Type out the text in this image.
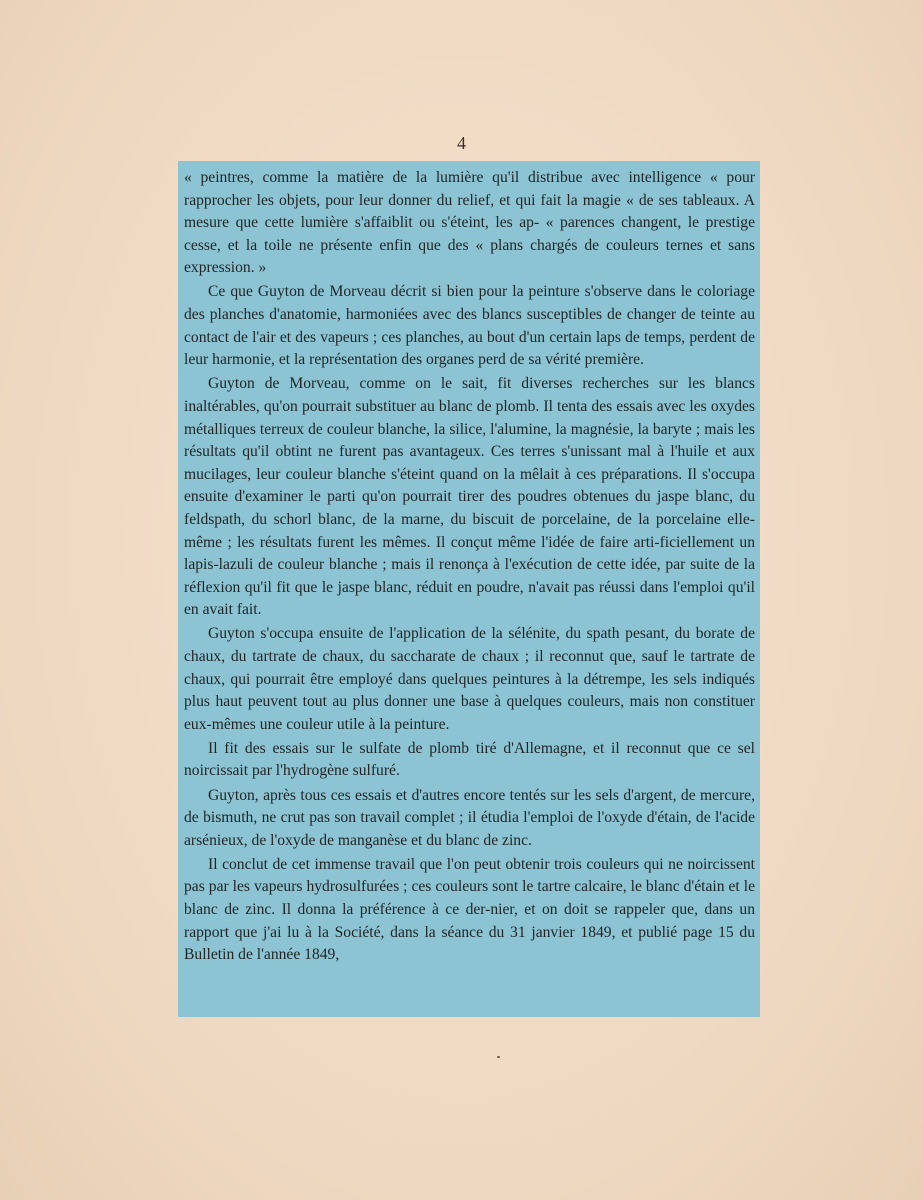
4

« peintres, comme la matière de la lumière qu'il distribue avec intelligence « pour rapprocher les objets, pour leur donner du relief, et qui fait la magie « de ses tableaux. A mesure que cette lumière s'affaiblit ou s'éteint, les ap- « parences changent, le prestige cesse, et la toile ne présente enfin que des « plans chargés de couleurs ternes et sans expression. »

Ce que Guyton de Morveau décrit si bien pour la peinture s'observe dans le coloriage des planches d'anatomie, harmoniées avec des blancs susceptibles de changer de teinte au contact de l'air et des vapeurs ; ces planches, au bout d'un certain laps de temps, perdent de leur harmonie, et la représentation des organes perd de sa vérité première.

Guyton de Morveau, comme on le sait, fit diverses recherches sur les blancs inaltérables, qu'on pourrait substituer au blanc de plomb. Il tenta des essais avec les oxydes métalliques terreux de couleur blanche, la silice, l'alumine, la magnésie, la baryte ; mais les résultats qu'il obtint ne furent pas avantageux. Ces terres s'unissant mal à l'huile et aux mucilages, leur couleur blanche s'éteint quand on la mêlait à ces préparations. Il s'occupa ensuite d'examiner le parti qu'on pourrait tirer des poudres obtenues du jaspe blanc, du feldspath, du schorl blanc, de la marne, du biscuit de porcelaine, de la porcelaine elle-même ; les résultats furent les mêmes. Il conçut même l'idée de faire arti-ficiellement un lapis-lazuli de couleur blanche ; mais il renonça à l'exécution de cette idée, par suite de la réflexion qu'il fit que le jaspe blanc, réduit en poudre, n'avait pas réussi dans l'emploi qu'il en avait fait.

Guyton s'occupa ensuite de l'application de la sélénite, du spath pesant, du borate de chaux, du tartrate de chaux, du saccharate de chaux ; il reconnut que, sauf le tartrate de chaux, qui pourrait être employé dans quelques peintures à la détrempe, les sels indiqués plus haut peuvent tout au plus donner une base à quelques couleurs, mais non constituer eux-mêmes une couleur utile à la peinture.

Il fit des essais sur le sulfate de plomb tiré d'Allemagne, et il reconnut que ce sel noircissait par l'hydrogène sulfuré.

Guyton, après tous ces essais et d'autres encore tentés sur les sels d'argent, de mercure, de bismuth, ne crut pas son travail complet ; il étudia l'emploi de l'oxyde d'étain, de l'acide arsénieux, de l'oxyde de manganèse et du blanc de zinc.

Il conclut de cet immense travail que l'on peut obtenir trois couleurs qui ne noircissent pas par les vapeurs hydrosulfurées ; ces couleurs sont le tartre calcaire, le blanc d'étain et le blanc de zinc. Il donna la préférence à ce der-nier, et on doit se rappeler que, dans un rapport que j'ai lu à la Société, dans la séance du 31 janvier 1849, et publié page 15 du Bulletin de l'année 1849,
